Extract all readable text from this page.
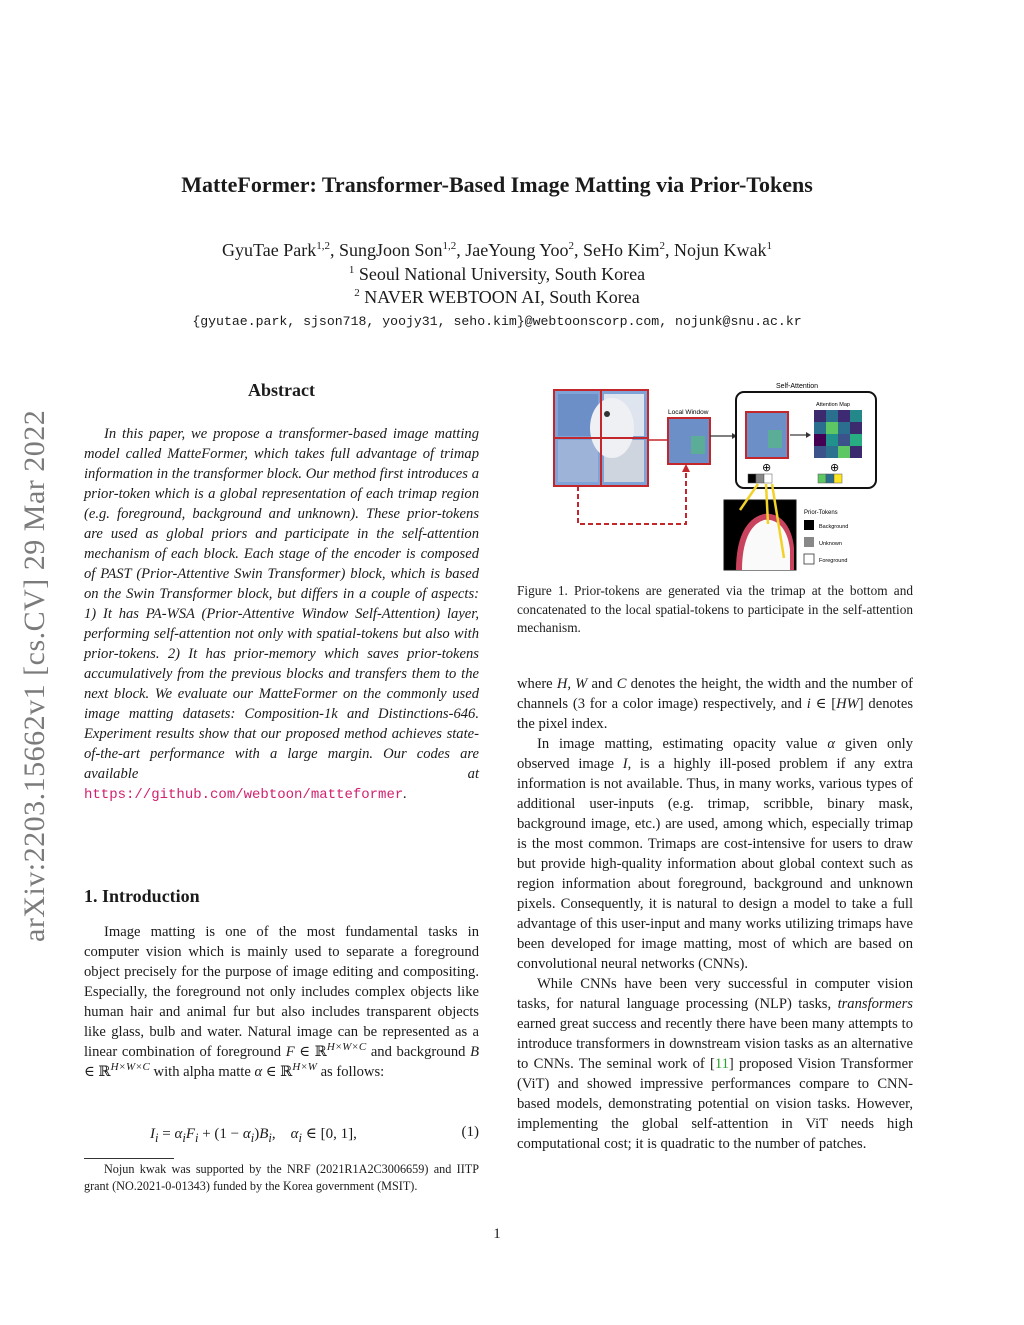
arXiv:2203.15662v1 [cs.CV] 29 Mar 2022
MatteFormer: Transformer-Based Image Matting via Prior-Tokens
GyuTae Park$^{1,2}$, SungJoon Son$^{1,2}$, JaeYoung Yoo$^2$, SeHo Kim$^2$, Nojun Kwak$^1$
$^1$ Seoul National University, South Korea
$^2$ NAVER WEBTOON AI, South Korea
{gyutae.park, sjson718, yoojy31, seho.kim}@webtoonscorp.com, nojunk@snu.ac.kr
Abstract

In this paper, we propose a transformer-based image matting model called MatteFormer, which takes full advantage of trimap information in the transformer block. Our method first introduces a prior-token which is a global representation of each trimap region (e.g. foreground, background and unknown). These prior-tokens are used as global priors and participate in the self-attention mechanism of each block. Each stage of the encoder is composed of PAST (Prior-Attentive Swin Transformer) block, which is based on the Swin Transformer block, but differs in a couple of aspects: 1) It has PA-WSA (Prior-Attentive Window Self-Attention) layer, performing self-attention not only with spatial-tokens but also with prior-tokens. 2) It has prior-memory which saves prior-tokens accumulatively from the previous blocks and transfers them to the next block. We evaluate our MatteFormer on the commonly used image matting datasets: Composition-1k and Distinctions-646. Experiment results show that our proposed method achieves state-of-the-art performance with a large margin. Our codes are available at https://github.com/webtoon/matteformer.

1. Introduction

Image matting is one of the most fundamental tasks in computer vision which is mainly used to separate a foreground object precisely for the purpose of image editing and compositing. Especially, the foreground not only includes complex objects like human hair and animal fur but also includes transparent objects like glass, bulb and water. Natural image can be represented as a linear combination of foreground F ∈ ℝ$^{H\times W\times C}$ and background B ∈ ℝ$^{H\times W\times C}$ with alpha matte α ∈ ℝ$^{H\times W}$ as follows:

$I_i = \alpha_iF_i + (1 - \alpha_i)B_i$,    $\alpha_i$ ∈ [0, 1],	(1)

Nojun kwak was supported by the NRF (2021R1A2C3006659) and IITP grant (NO.2021-0-01343) funded by the Korea government (MSIT).

Local Window
Self-Attention
Attention Map
⊕	⊕
Prior-Tokens
Background
Unknown
Foreground
Figure 1. Prior-tokens are generated via the trimap at the bottom and concatenated to the local spatial-tokens to participate in the self-attention mechanism.

where H, W and C denotes the height, the width and the number of channels (3 for a color image) respectively, and i ∈ [HW] denotes the pixel index.

In image matting, estimating opacity value α given only observed image I, is a highly ill-posed problem if any extra information is not available. Thus, in many works, various types of additional user-inputs (e.g. trimap, scribble, binary mask, background image, etc.) are used, among which, especially trimap is the most common. Trimaps are cost-intensive for users to draw but provide high-quality information about global context such as region information about foreground, background and unknown pixels. Consequently, it is natural to design a model to take a full advantage of this user-input and many works utilizing trimaps have been developed for image matting, most of which are based on convolutional neural networks (CNNs).

While CNNs have been very successful in computer vision tasks, for natural language processing (NLP) tasks, transformers earned great success and recently there have been many attempts to introduce transformers in downstream vision tasks as an alternative to CNNs. The seminal work of [11] proposed Vision Transformer (ViT) and showed impressive performances compare to CNN-based models, demonstrating potential on vision tasks. However, implementing the global self-attention in ViT needs high computational cost; it is quadratic to the number of patches.

1
